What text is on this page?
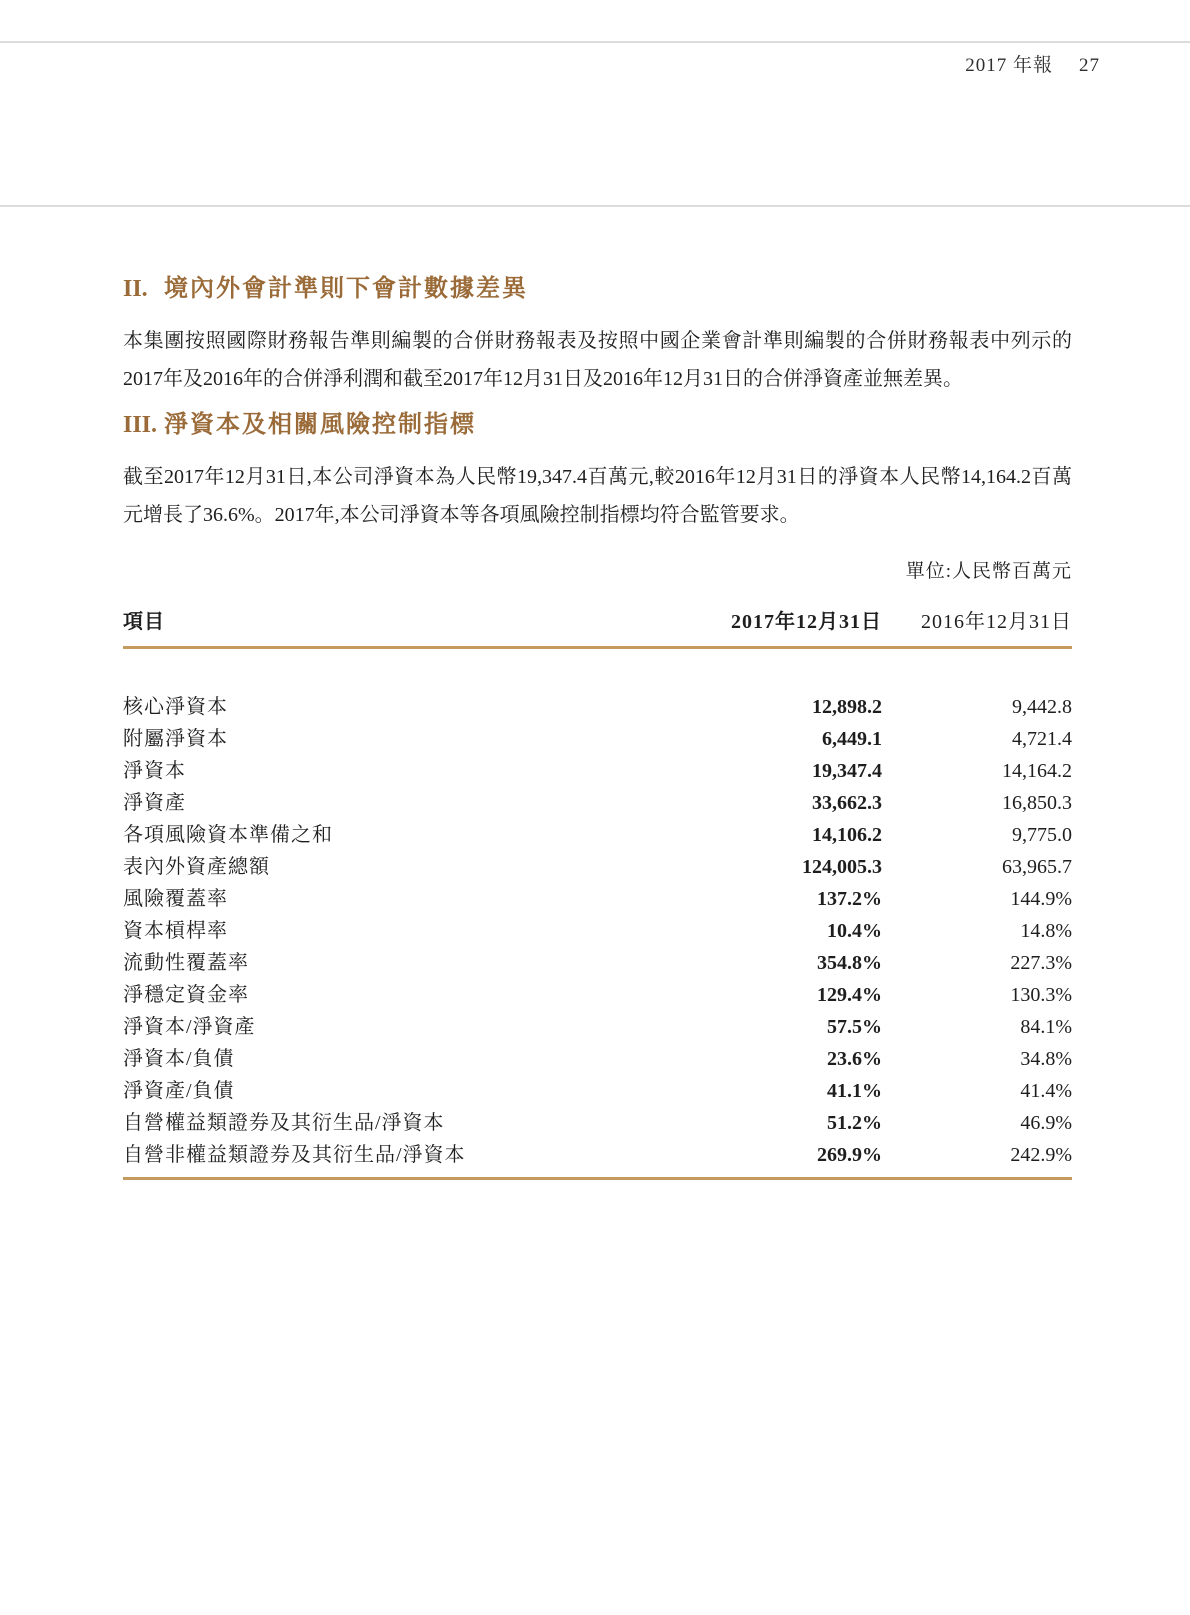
2017 年報 27
II. 境內外會計準則下會計數據差異

本集團按照國際財務報告準則編製的合併財務報表及按照中國企業會計準則編製的合併財務報表中列示的2017年及2016年的合併淨利潤和截至2017年12月31日及2016年12月31日的合併淨資產並無差異。

III. 淨資本及相關風險控制指標

截至2017年12月31日,本公司淨資本為人民幣19,347.4百萬元,較2016年12月31日的淨資本人民幣14,164.2百萬元增長了36.6%。2017年,本公司淨資本等各項風險控制指標均符合監管要求。

單位:人民幣百萬元
項目	2017年12月31日	2016年12月31日
核心淨資本	12,898.2	9,442.8
附屬淨資本	6,449.1	4,721.4
淨資本	19,347.4	14,164.2
淨資產	33,662.3	16,850.3
各項風險資本準備之和	14,106.2	9,775.0
表內外資產總額	124,005.3	63,965.7
風險覆蓋率	137.2%	144.9%
資本槓桿率	10.4%	14.8%
流動性覆蓋率	354.8%	227.3%
淨穩定資金率	129.4%	130.3%
淨資本/淨資產	57.5%	84.1%
淨資本/負債	23.6%	34.8%
淨資產/負債	41.1%	41.4%
自營權益類證券及其衍生品/淨資本	51.2%	46.9%
自營非權益類證券及其衍生品/淨資本	269.9%	242.9%
